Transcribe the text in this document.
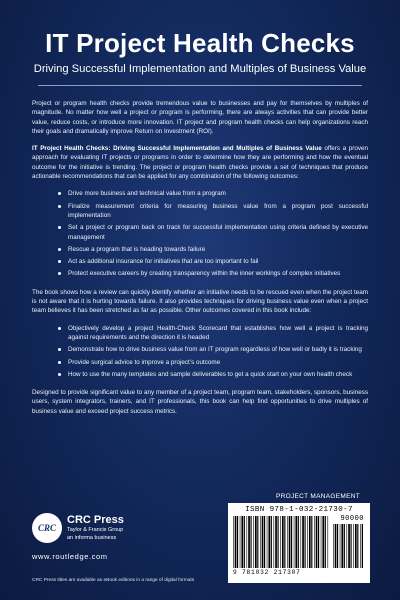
IT Project Health Checks

Driving Successful Implementation and Multiples of Business Value

Project or program health checks provide tremendous value to businesses and pay for themselves by multiples of magnitude. No matter how well a project or program is performing, there are always activities that can provide better value, reduce costs, or introduce more innovation. IT project and program health checks can help organizations reach their goals and dramatically improve Return on Investment (ROI).

IT Project Health Checks: Driving Successful Implementation and Multiples of Business Value offers a proven approach for evaluating IT projects or programs in order to determine how they are performing and how the eventual outcome for the initiative is trending. The project or program health checks provide a set of techniques that produce actionable recommendations that can be applied for any combination of the following outcomes:

Drive more business and technical value from a program
Finalize measurement criteria for measuring business value from a program post successful implementation
Set a project or program back on track for successful implementation using criteria defined by executive management
Rescue a program that is heading towards failure
Act as additional insurance for initiatives that are too important to fail
Protect executive careers by creating transparency within the inner workings of complex initiatives

The book shows how a review can quickly identify whether an initiative needs to be rescued even when the project team is not aware that it is hurting towards failure. It also provides techniques for driving business value even when a project team believes it has been stretched as far as possible. Other outcomes covered in this book include:

Objectively develop a project Health-Check Scorecard that establishes how well a project is tracking against requirements and the direction it is headed
Demonstrate how to drive business value from an IT program regardless of how well or badly it is tracking
Provide surgical advice to improve a project’s outcome
How to use the many templates and sample deliverables to get a quick start on your own health check

Designed to provide significant value to any member of a project team, program team, stakeholders, sponsors, business users, system integrators, trainers, and IT professionals, this book can help find opportunities to drive multiples of business value and exceed project success metrics.

PROJECT MANAGEMENT
CRC
CRC Press
Taylor & Francis Group
an informa business
www.routledge.com
CRC Press titles are available as eBook editions in a range of digital formats
ISBN 978-1-032-21730-7
90000
9 781032 217307
